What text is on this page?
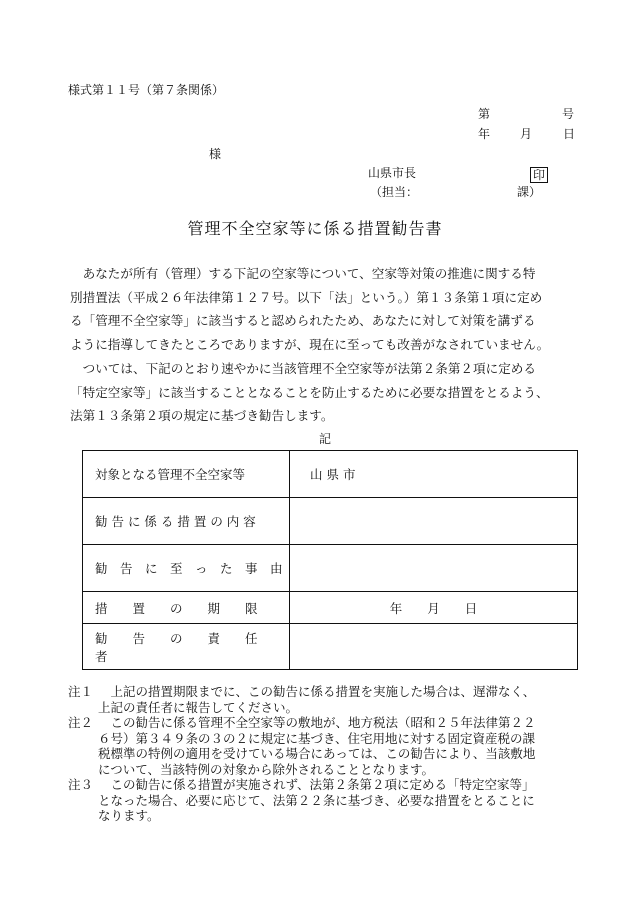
様式第１１号（第７条関係）
第	号
年 月	日
様
山県市長	印
（担当：	課）
管理不全空家等に係る措置勧告書
　あなたが所有（管理）する下記の空家等について、空家等対策の推進に関する特
別措置法（平成２６年法律第１２７号。以下「法」という。）第１３条第１項に定め
る「管理不全空家等」に該当すると認められたため、あなたに対して対策を講ずる
ように指導してきたところでありますが、現在に至っても改善がなされていません。
　ついては、下記のとおり速やかに当該管理不全空家等が法第２条第２項に定める
「特定空家等」に該当することとなることを防止するために必要な措置をとるよう、
法第１３条第２項の規定に基づき勧告します。
記
対象となる管理不全空家等	山 県 市
勧 告 に 係 る 措 置 の 内 容	
勧　告　に　至　っ　た　事　由	
措　　置　　の　　期　　限	年　　月　　日
勧　　告　　の　　責　　任　　者	
注１ 　上記の措置期限までに、この勧告に係る措置を実施した場合は、遅滞なく、
上記の責任者に報告してください。
注２ 　この勧告に係る管理不全空家等の敷地が、地方税法（昭和２５年法律第２２
６号）第３４９条の３の２に規定に基づき、住宅用地に対する固定資産税の課
税標準の特例の適用を受けている場合にあっては、この勧告により、当該敷地
について、当該特例の対象から除外されることとなります。
注３ 　この勧告に係る措置が実施されず、法第２条第２項に定める「特定空家等」
となった場合、必要に応じて、法第２２条に基づき、必要な措置をとることに
なります。
